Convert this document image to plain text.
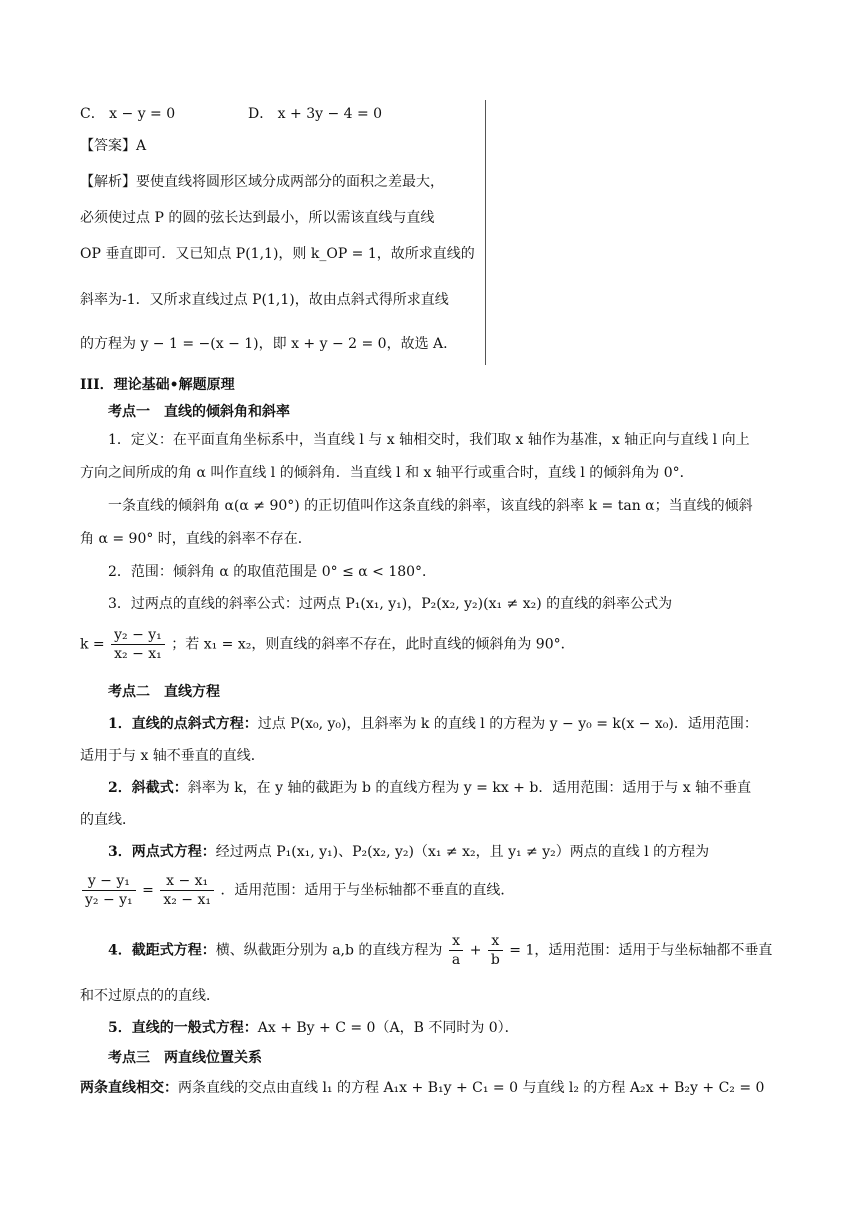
C． x − y = 0	D． x + 3y − 4 = 0
【答案】A
【解析】要使直线将圆形区域分成两部分的面积之差最大，
必须使过点 P 的圆的弦长达到最小，所以需该直线与直线
OP 垂直即可．又已知点 P(1,1)，则 k_OP = 1，故所求直线的
斜率为-1．又所求直线过点 P(1,1)，故由点斜式得所求直线
的方程为 y − 1 = −(x − 1)，即 x + y − 2 = 0，故选 A.
III．理论基础•解题原理
考点一　直线的倾斜角和斜率
1．定义：在平面直角坐标系中，当直线 l 与 x 轴相交时，我们取 x 轴作为基准，x 轴正向与直线 l 向上
方向之间所成的角 α 叫作直线 l 的倾斜角．当直线 l 和 x 轴平行或重合时，直线 l 的倾斜角为 0°．
一条直线的倾斜角 α(α ≠ 90°) 的正切值叫作这条直线的斜率，该直线的斜率 k = tan α；当直线的倾斜
角 α = 90° 时，直线的斜率不存在．
2．范围：倾斜角 α 的取值范围是 0° ≤ α < 180°．
3．过两点的直线的斜率公式：过两点 P₁(x₁, y₁)，P₂(x₂, y₂)(x₁ ≠ x₂) 的直线的斜率公式为
$k = \frac{\text{y₂ − y₁}}{\text{x₂ − x₁}}$ ；若 x₁ = x₂，则直线的斜率不存在，此时直线的倾斜角为 90°．
考点二　直线方程
1．直线的点斜式方程：过点 P(x₀, y₀)，且斜率为 k 的直线 l 的方程为 y − y₀ = k(x − x₀)．适用范围：
适用于与 x 轴不垂直的直线．
2．斜截式：斜率为 k，在 y 轴的截距为 b 的直线方程为 y = kx + b．适用范围：适用于与 x 轴不垂直
的直线．
3．两点式方程：经过两点 P₁(x₁, y₁)、P₂(x₂, y₂)（x₁ ≠ x₂，且 y₁ ≠ y₂）两点的直线 l 的方程为
$\frac{\text{y − y₁}}{\text{y₂ − y₁}} = \frac{\text{x − x₁}}{\text{x₂ − x₁}}$ ．适用范围：适用于与坐标轴都不垂直的直线．
4．截距式方程：横、纵截距分别为 a,b 的直线方程为 $\frac{x}{a} + \frac{x}{b} = 1$，适用范围：适用于与坐标轴都不垂直
和不过原点的的直线．
5．直线的一般式方程：Ax + By + C = 0（A，B 不同时为 0）．
考点三　两直线位置关系
两条直线相交：两条直线的交点由直线 l₁ 的方程 A₁x + B₁y + C₁ = 0 与直线 l₂ 的方程 A₂x + B₂y + C₂ = 0
